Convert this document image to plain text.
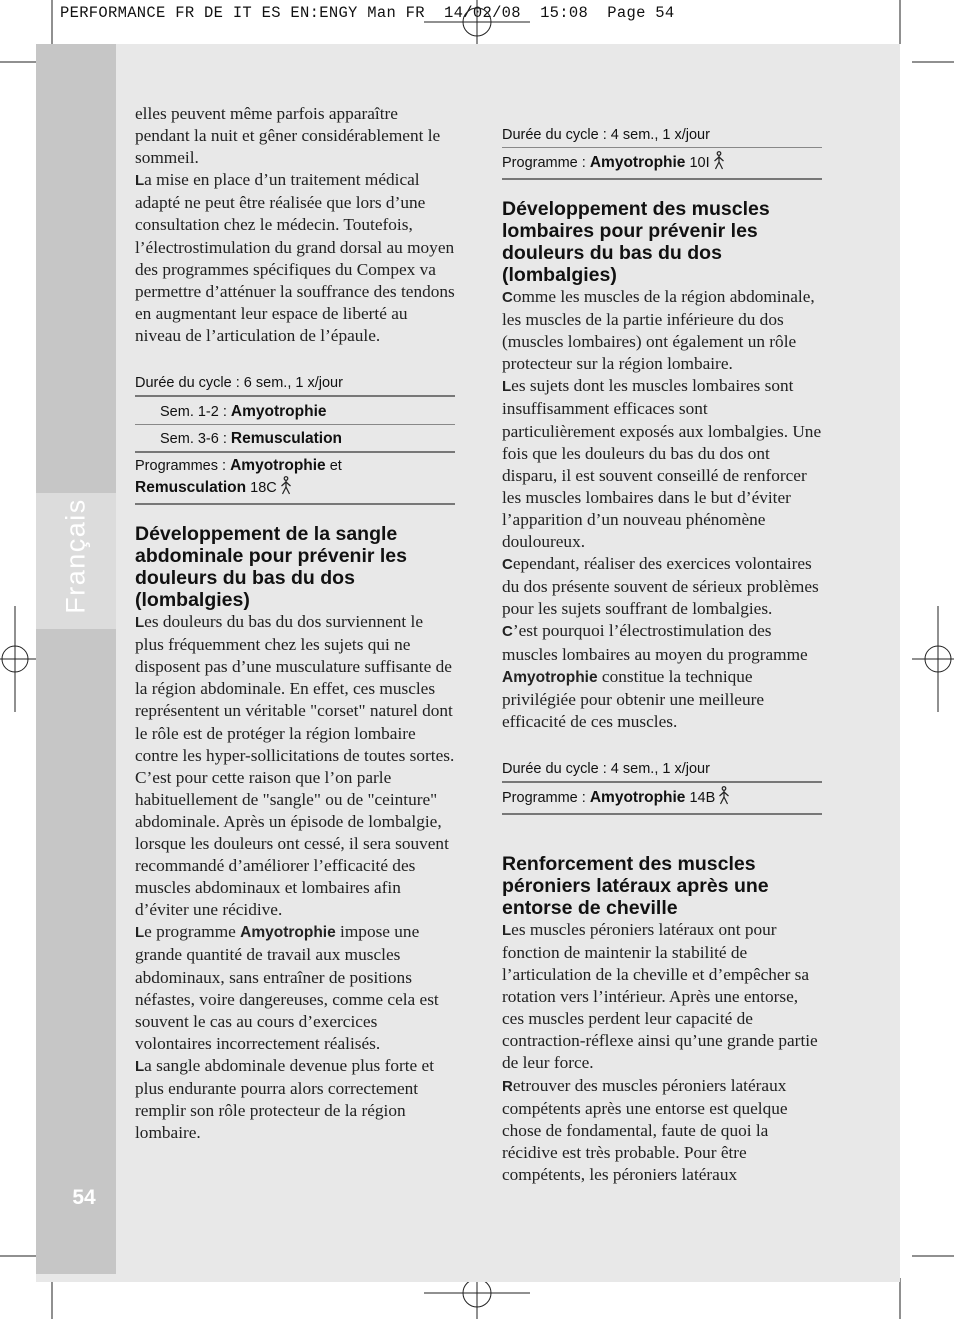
PERFORMANCE FR DE IT ES EN:ENGY Man FR  14/02/08  15:08  Page 54
Français
54

elles peuvent même parfois apparaître pendant la nuit et gêner considérablement le sommeil.

La mise en place d’un traitement médical adapté ne peut être réalisée que lors d’une consultation chez le médecin. Toutefois, l’électrostimulation du grand dorsal au moyen des programmes spécifiques du Compex va permettre d’atténuer la souffrance des tendons en augmentant leur espace de liberté au niveau de l’articulation de l’épaule.

Durée du cycle : 6 sem., 1 x/jour
Sem. 1-2 : Amyotrophie
Sem. 3-6 : Remusculation
Programmes : Amyotrophie et
Remusculation 18C
Développement de la sangle abdominale pour prévenir les douleurs du bas du dos (lombalgies)

Les douleurs du bas du dos surviennent le plus fréquemment chez les sujets qui ne disposent pas d’une musculature suffisante de la région abdominale. En effet, ces muscles représentent un véritable "corset" naturel dont le rôle est de protéger la région lombaire contre les hyper-sollicitations de toutes sortes. C’est pour cette raison que l’on parle habituellement de "sangle" ou de "ceinture" abdominale. Après un épisode de lombalgie, lorsque les douleurs ont cessé, il sera souvent recommandé d’améliorer l’efficacité des muscles abdominaux et lombaires afin d’éviter une récidive.

Le programme Amyotrophie impose une grande quantité de travail aux muscles abdominaux, sans entraîner de positions néfastes, voire dangereuses, comme cela est souvent le cas au cours d’exercices volontaires incorrectement réalisés.

La sangle abdominale devenue plus forte et plus endurante pourra alors correctement remplir son rôle protecteur de la région lombaire.

Durée du cycle : 4 sem., 1 x/jour
Programme : Amyotrophie 10I
Développement des muscles lombaires pour prévenir les douleurs du bas du dos (lombalgies)

Comme les muscles de la région abdominale, les muscles de la partie inférieure du dos (muscles lombaires) ont également un rôle protecteur sur la région lombaire.

Les sujets dont les muscles lombaires sont insuffisamment efficaces sont particulièrement exposés aux lombalgies. Une fois que les douleurs du bas du dos ont disparu, il est souvent conseillé de renforcer les muscles lombaires dans le but d’éviter l’apparition d’un nouveau phénomène douloureux.

Cependant, réaliser des exercices volontaires du dos présente souvent de sérieux problèmes pour les sujets souffrant de lombalgies.

C’est pourquoi l’électrostimulation des muscles lombaires au moyen du programme Amyotrophie constitue la technique privilégiée pour obtenir une meilleure efficacité de ces muscles.

Durée du cycle : 4 sem., 1 x/jour
Programme : Amyotrophie 14B
Renforcement des muscles péroniers latéraux après une entorse de cheville

Les muscles péroniers latéraux ont pour fonction de maintenir la stabilité de l’articulation de la cheville et d’empêcher sa rotation vers l’intérieur. Après une entorse, ces muscles perdent leur capacité de contraction-réflexe ainsi qu’une grande partie de leur force.

Retrouver des muscles péroniers latéraux compétents après une entorse est quelque chose de fondamental, faute de quoi la récidive est très probable. Pour être compétents, les péroniers latéraux
